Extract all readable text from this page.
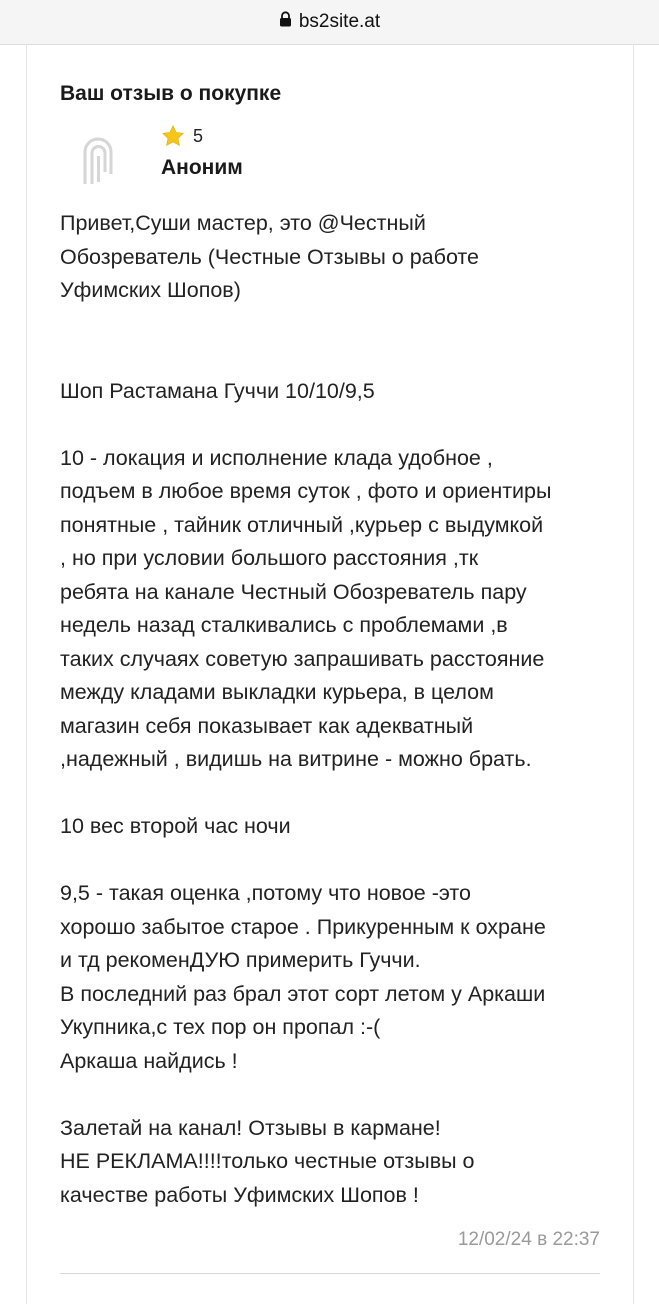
bs2site.at
Ваш отзыв о покупке
5
Аноним

Привет,Суши мастер, это @Честный

Обозреватель (Честные Отзывы о работе

Уфимских Шопов)

Шоп Растамана Гуччи 10/10/9,5

10 - локация и исполнение клада удобное ,

подъем в любое время суток , фото и ориентиры

понятные , тайник отличный ,курьер с выдумкой

, но при условии большого расстояния ,тк

ребята на канале Честный Обозреватель пару

недель назад сталкивались с проблемами ,в

таких случаях советую запрашивать расстояние

между кладами выкладки курьера, в целом

магазин себя показывает как адекватный

,надежный , видишь на витрине - можно брать.

10 вес второй час ночи

9,5 - такая оценка ,потому что новое -это

хорошо забытое старое . Прикуренным к охране

и тд рекоменДУЮ примерить Гуччи.

В последний раз брал этот сорт летом у Аркаши

Укупника,с тех пор он пропал :-(

Аркаша найдись !

Залетай на канал! Отзывы в кармане!

НЕ РЕКЛАМА!!!!только честные отзывы о

качестве работы Уфимских Шопов !

12/02/24 в 22:37
